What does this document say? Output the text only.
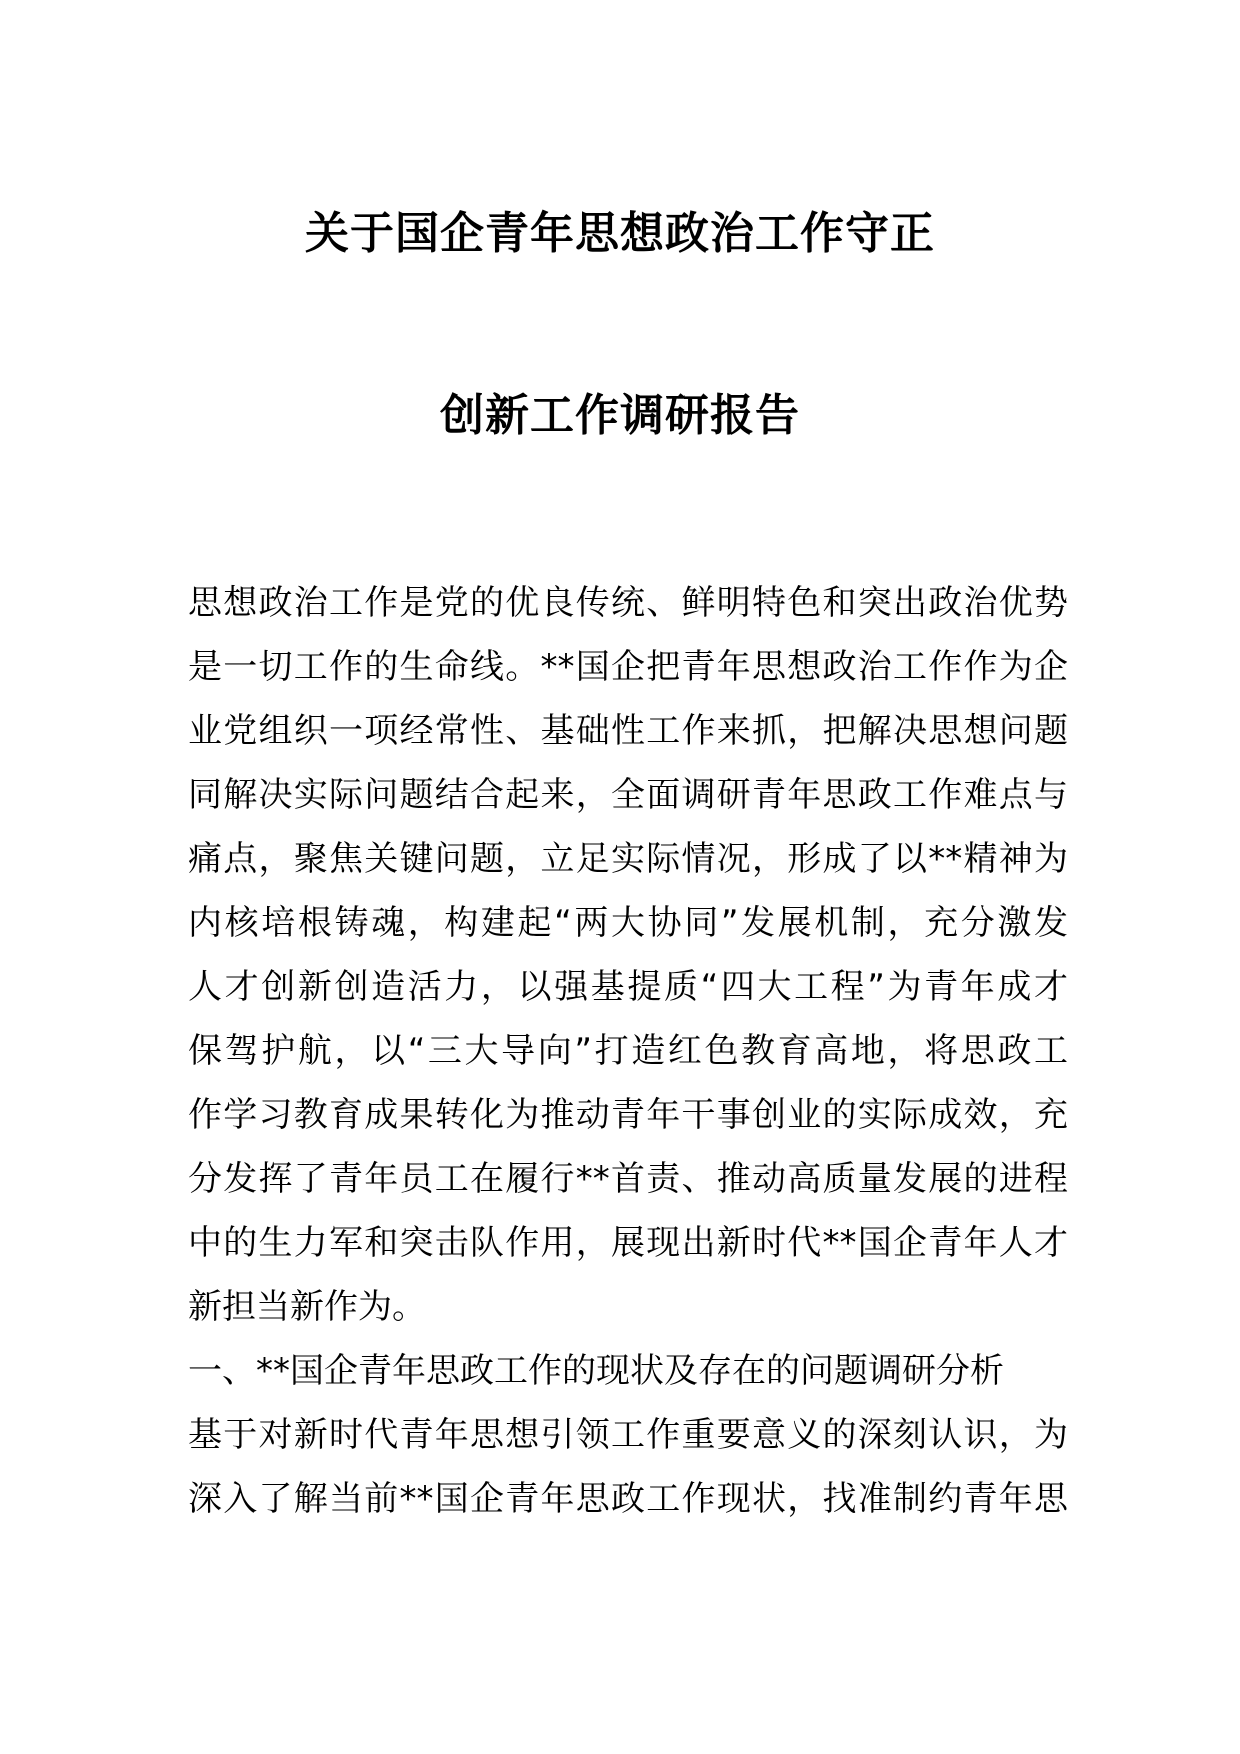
关于国企青年思想政治工作守正
创新工作调研报告
思想政治工作是党的优良传统、鲜明特色和突出政治优势
是一切工作的生命线。**国企把青年思想政治工作作为企
业党组织一项经常性、基础性工作来抓，把解决思想问题
同解决实际问题结合起来，全面调研青年思政工作难点与
痛点，聚焦关键问题，立足实际情况，形成了以**精神为
内核培根铸魂，构建起“两大协同”发展机制，充分激发
人才创新创造活力，以强基提质“四大工程”为青年成才
保驾护航，以“三大导向”打造红色教育高地，将思政工
作学习教育成果转化为推动青年干事创业的实际成效，充
分发挥了青年员工在履行**首责、推动高质量发展的进程
中的生力军和突击队作用，展现出新时代**国企青年人才
新担当新作为。
一、**国企青年思政工作的现状及存在的问题调研分析
基于对新时代青年思想引领工作重要意义的深刻认识，为
深入了解当前**国企青年思政工作现状，找准制约青年思
